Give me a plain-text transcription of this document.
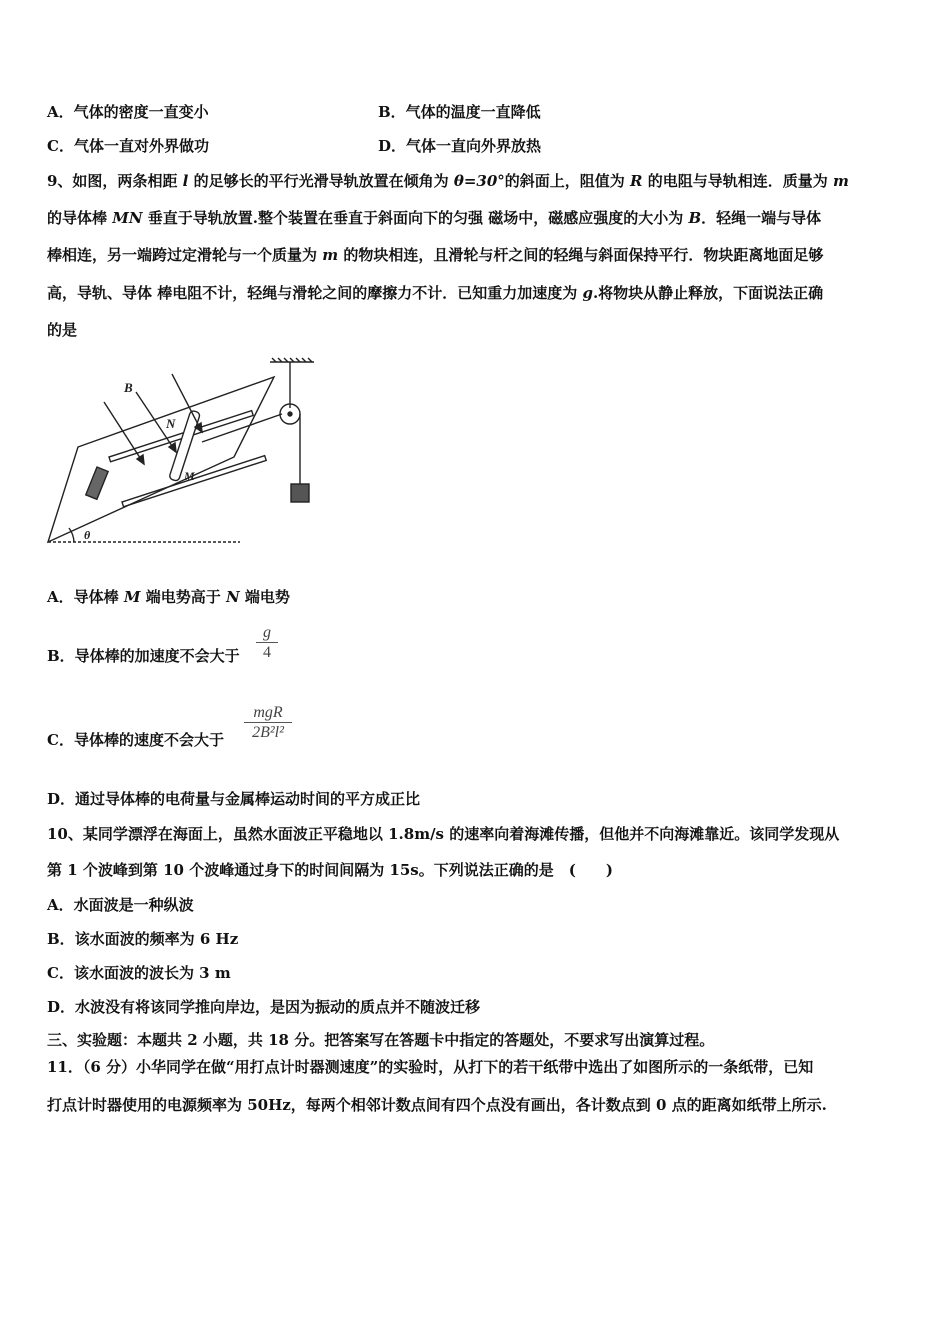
A．气体的密度一直变小	B．气体的温度一直降低
C．气体一直对外界做功	D．气体一直向外界放热
9、如图，两条相距 l 的足够长的平行光滑导轨放置在倾角为 θ=30°的斜面上，阻值为 R 的电阻与导轨相连．质量为 m
的导体棒 MN 垂直于导轨放置.整个装置在垂直于斜面向下的匀强 磁场中，磁感应强度的大小为 B．轻绳一端与导体
棒相连，另一端跨过定滑轮与一个质量为 m 的物块相连，且滑轮与杆之间的轻绳与斜面保持平行．物块距离地面足够
高，导轨、导体 棒电阻不计，轻绳与滑轮之间的摩擦力不计．已知重力加速度为 g.将物块从静止释放，下面说法正确
的是
B
N
M
θ
A．导体棒 M 端电势高于 N 端电势
B．导体棒的加速度不会大于
g
4
C．导体棒的速度不会大于
mgR
2B²l²
D．通过导体棒的电荷量与金属棒运动时间的平方成正比
10、某同学漂浮在海面上，虽然水面波正平稳地以 1.8m/s 的速率向着海滩传播，但他并不向海滩靠近。该同学发现从
第 1 个波峰到第 10 个波峰通过身下的时间间隔为 15s。下列说法正确的是　(　　)
A．水面波是一种纵波
B．该水面波的频率为 6 Hz
C．该水面波的波长为 3 m
D．水波没有将该同学推向岸边，是因为振动的质点并不随波迁移
三、实验题：本题共 2 小题，共 18 分。把答案写在答题卡中指定的答题处，不要求写出演算过程。
11．（6 分）小华同学在做“用打点计时器测速度”的实验时，从打下的若干纸带中选出了如图所示的一条纸带，已知
打点计时器使用的电源频率为 50Hz，每两个相邻计数点间有四个点没有画出，各计数点到 0 点的距离如纸带上所示.
